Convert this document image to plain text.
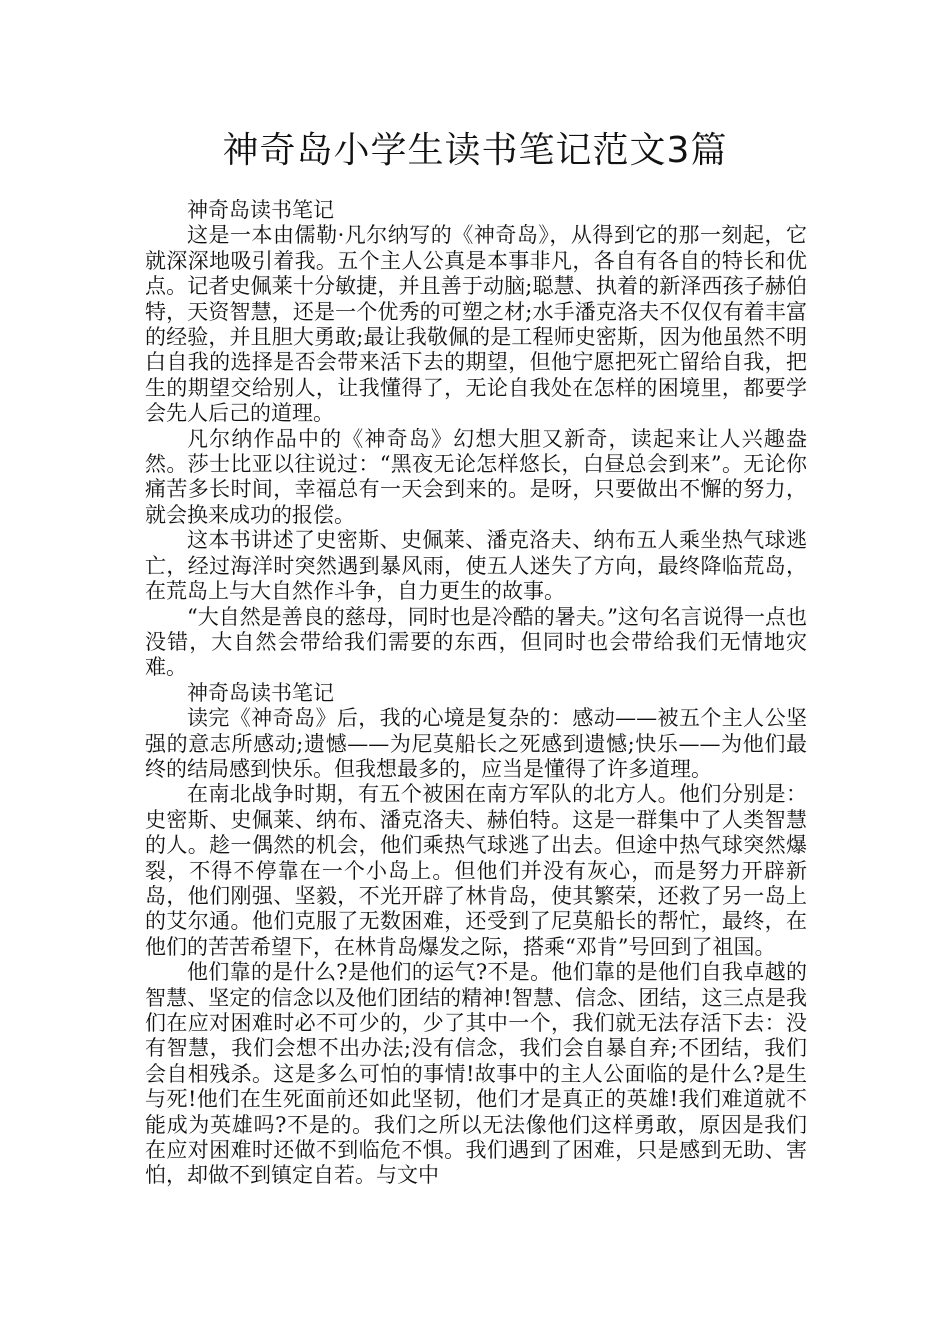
神奇岛小学生读书笔记范文3篇

神奇岛读书笔记

这是一本由儒勒·凡尔纳写的《神奇岛》，从得到它的那一刻起，它就深深地吸引着我。五个主人公真是本事非凡，各自有各自的特长和优点。记者史佩莱十分敏捷，并且善于动脑;聪慧、执着的新泽西孩子赫伯特，天资智慧，还是一个优秀的可塑之材;水手潘克洛夫不仅仅有着丰富的经验，并且胆大勇敢;最让我敬佩的是工程师史密斯，因为他虽然不明白自我的选择是否会带来活下去的期望，但他宁愿把死亡留给自我，把生的期望交给别人，让我懂得了，无论自我处在怎样的困境里，都要学会先人后己的道理。

凡尔纳作品中的《神奇岛》幻想大胆又新奇，读起来让人兴趣盎然。莎士比亚以往说过：“黑夜无论怎样悠长，白昼总会到来”。无论你痛苦多长时间，幸福总有一天会到来的。是呀，只要做出不懈的努力，就会换来成功的报偿。

这本书讲述了史密斯、史佩莱、潘克洛夫、纳布五人乘坐热气球逃亡，经过海洋时突然遇到暴风雨，使五人迷失了方向，最终降临荒岛，在荒岛上与大自然作斗争，自力更生的故事。

“大自然是善良的慈母，同时也是冷酷的暑夫。”这句名言说得一点也没错，大自然会带给我们需要的东西，但同时也会带给我们无情地灾难。

神奇岛读书笔记

读完《神奇岛》后，我的心境是复杂的：感动——被五个主人公坚强的意志所感动;遗憾——为尼莫船长之死感到遗憾;快乐——为他们最终的结局感到快乐。但我想最多的，应当是懂得了许多道理。

在南北战争时期，有五个被困在南方军队的北方人。他们分别是：史密斯、史佩莱、纳布、潘克洛夫、赫伯特。这是一群集中了人类智慧的人。趁一偶然的机会，他们乘热气球逃了出去。但途中热气球突然爆裂，不得不停靠在一个小岛上。但他们并没有灰心，而是努力开辟新岛，他们刚强、坚毅，不光开辟了林肯岛，使其繁荣，还救了另一岛上的艾尔通。他们克服了无数困难，还受到了尼莫船长的帮忙，最终，在他们的苦苦希望下，在林肯岛爆发之际，搭乘“邓肯”号回到了祖国。

他们靠的是什么?是他们的运气?不是。他们靠的是他们自我卓越的智慧、坚定的信念以及他们团结的精神!智慧、信念、团结，这三点是我们在应对困难时必不可少的，少了其中一个，我们就无法存活下去：没有智慧，我们会想不出办法;没有信念，我们会自暴自弃;不团结，我们会自相残杀。这是多么可怕的事情!故事中的主人公面临的是什么?是生与死!他们在生死面前还如此坚韧，他们才是真正的英雄!我们难道就不能成为英雄吗?不是的。我们之所以无法像他们这样勇敢，原因是我们在应对困难时还做不到临危不惧。我们遇到了困难，只是感到无助、害怕，却做不到镇定自若。与文中
